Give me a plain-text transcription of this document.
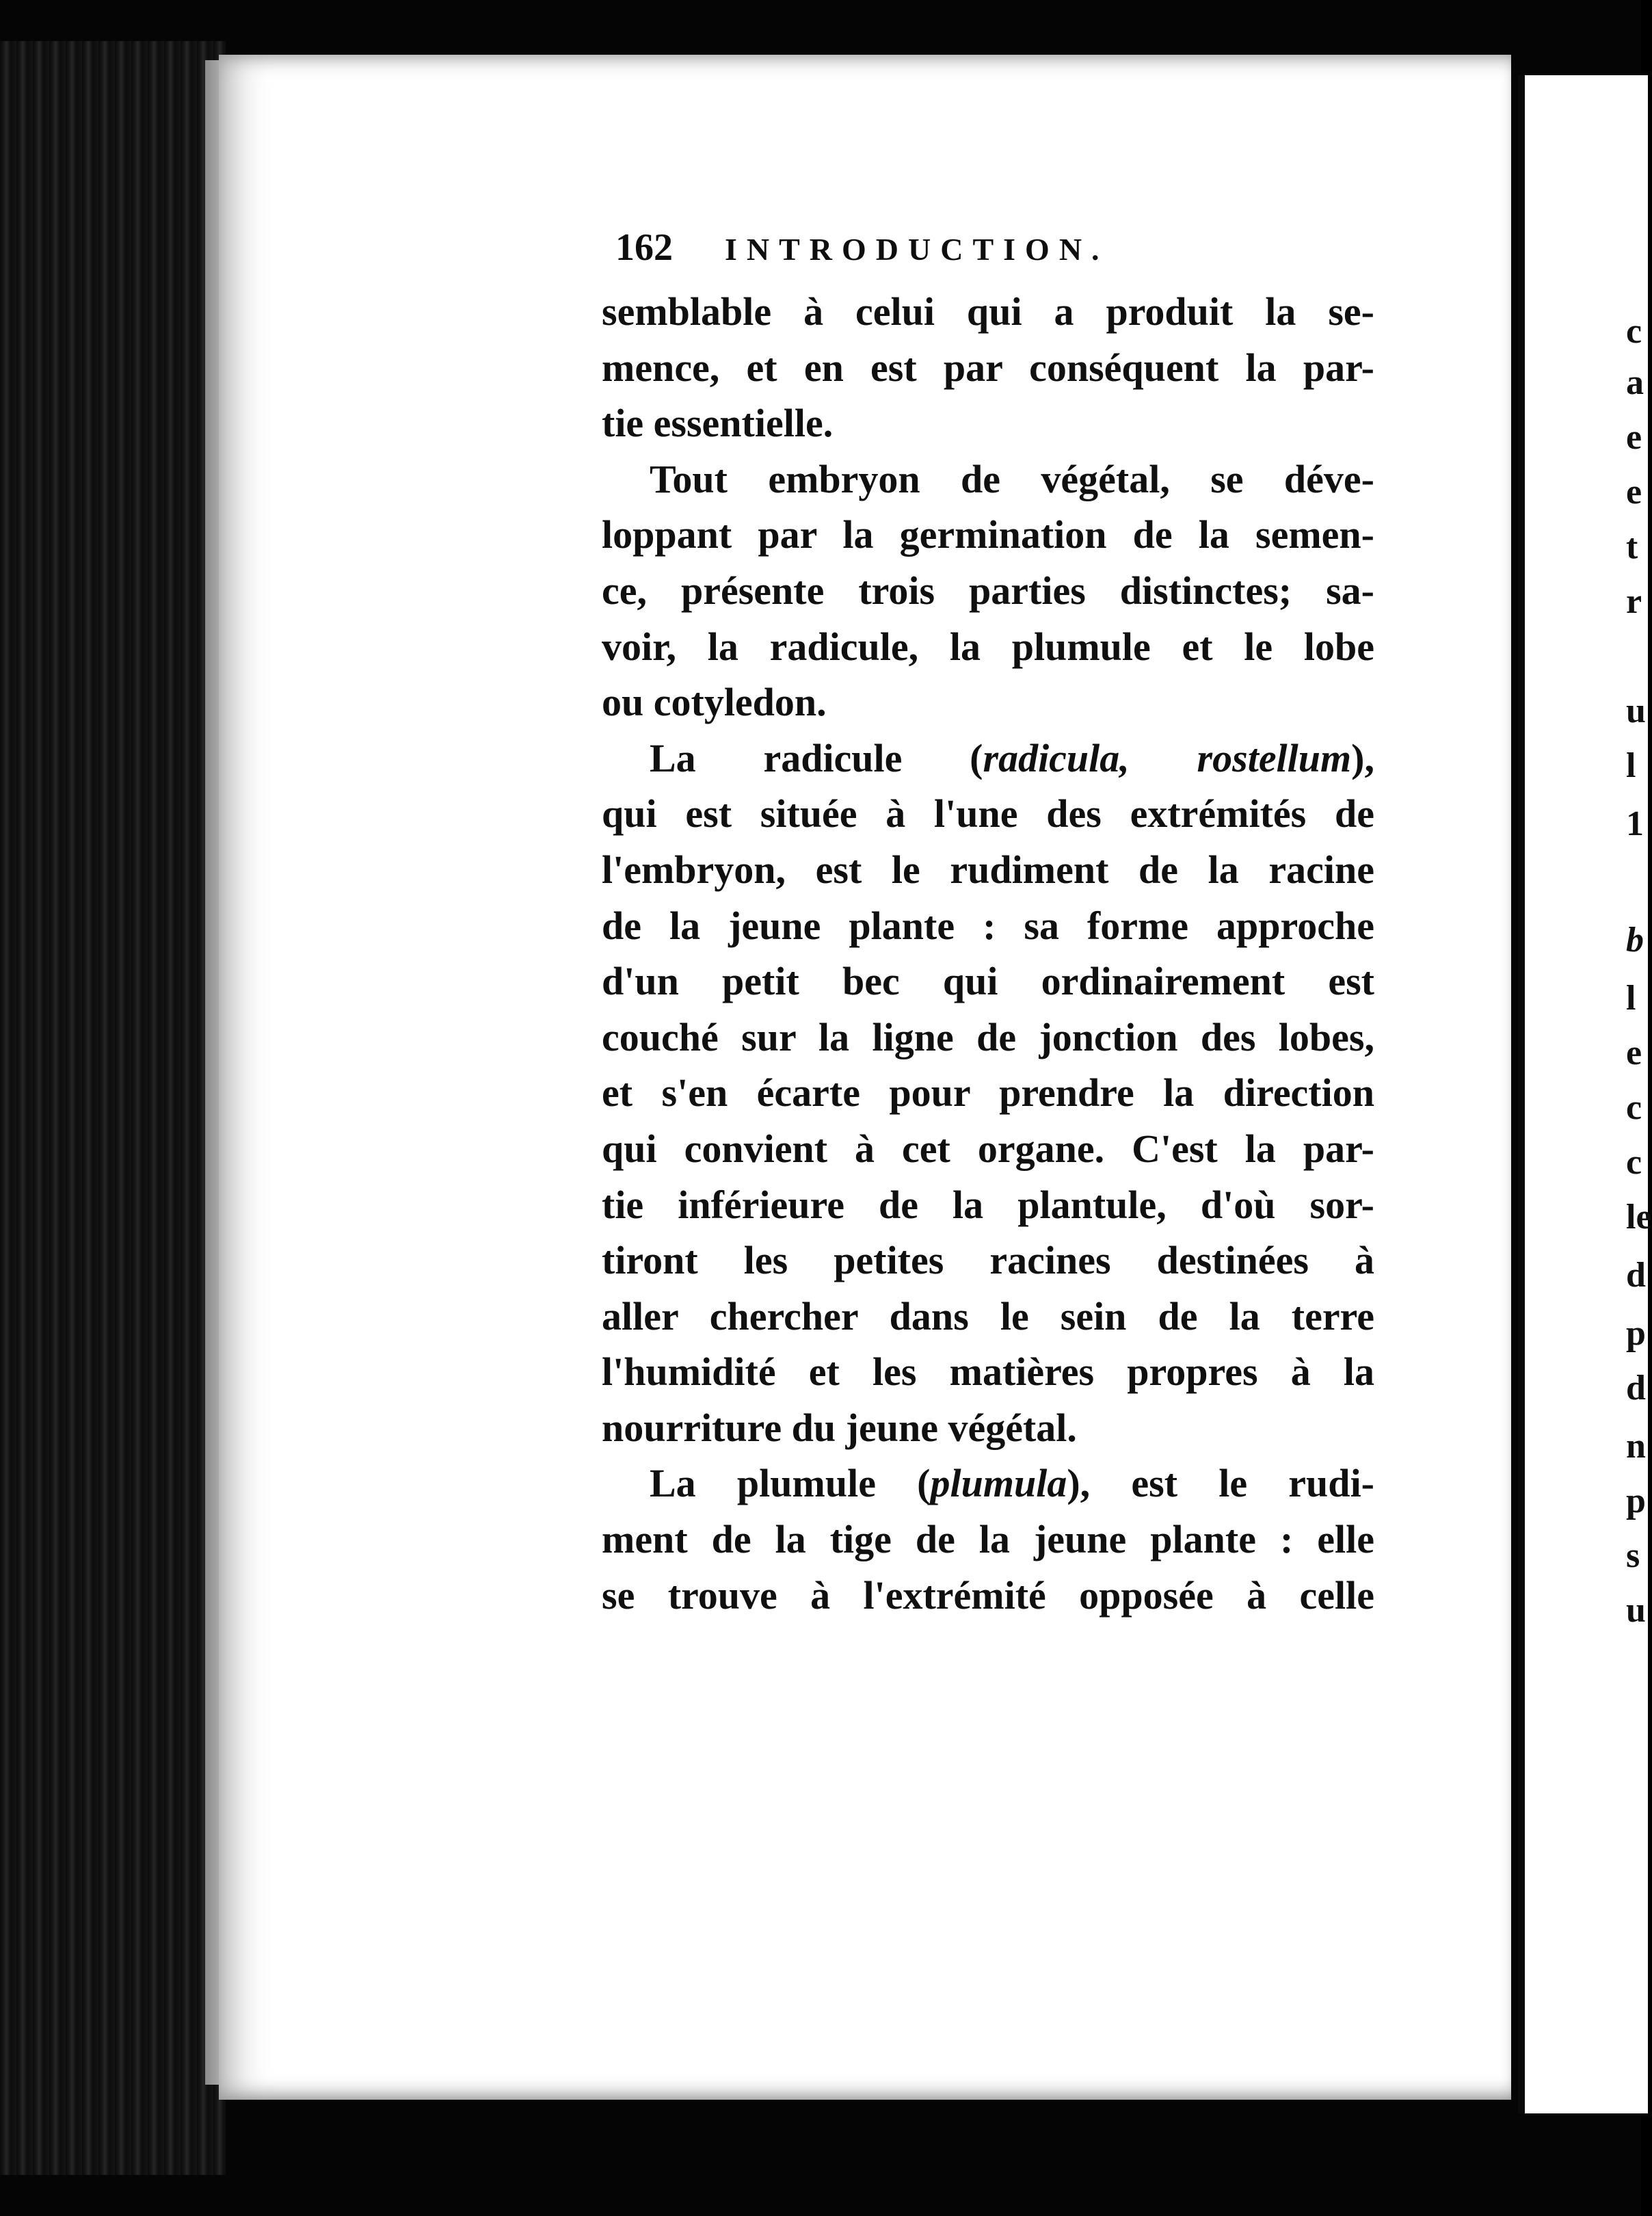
162 INTRODUCTION.
semblable à celui qui a produit la se-
mence, et en est par conséquent la par-
tie essentielle.
Tout embryon de végétal, se déve-
loppant par la germination de la semen-
ce, présente trois parties distinctes; sa-
voir, la radicule, la plumule et le lobe
ou cotyledon.
La radicule (radicula, rostellum),
qui est située à l'une des extrémités de
l'embryon, est le rudiment de la racine
de la jeune plante : sa forme approche
d'un petit bec qui ordinairement est
couché sur la ligne de jonction des lobes,
et s'en écarte pour prendre la direction
qui convient à cet organe. C'est la par-
tie inférieure de la plantule, d'où sor-
tiront les petites racines destinées à
aller chercher dans le sein de la terre
l'humidité et les matières propres à la
nourriture du jeune végétal.
La plumule (plumula), est le rudi-
ment de la tige de la jeune plante : elle
se trouve à l'extrémité opposée à celle
c
a
e
e
t
r
u
l
1
b
l
e
c
c
le
d
p
d
n
p
s
u
